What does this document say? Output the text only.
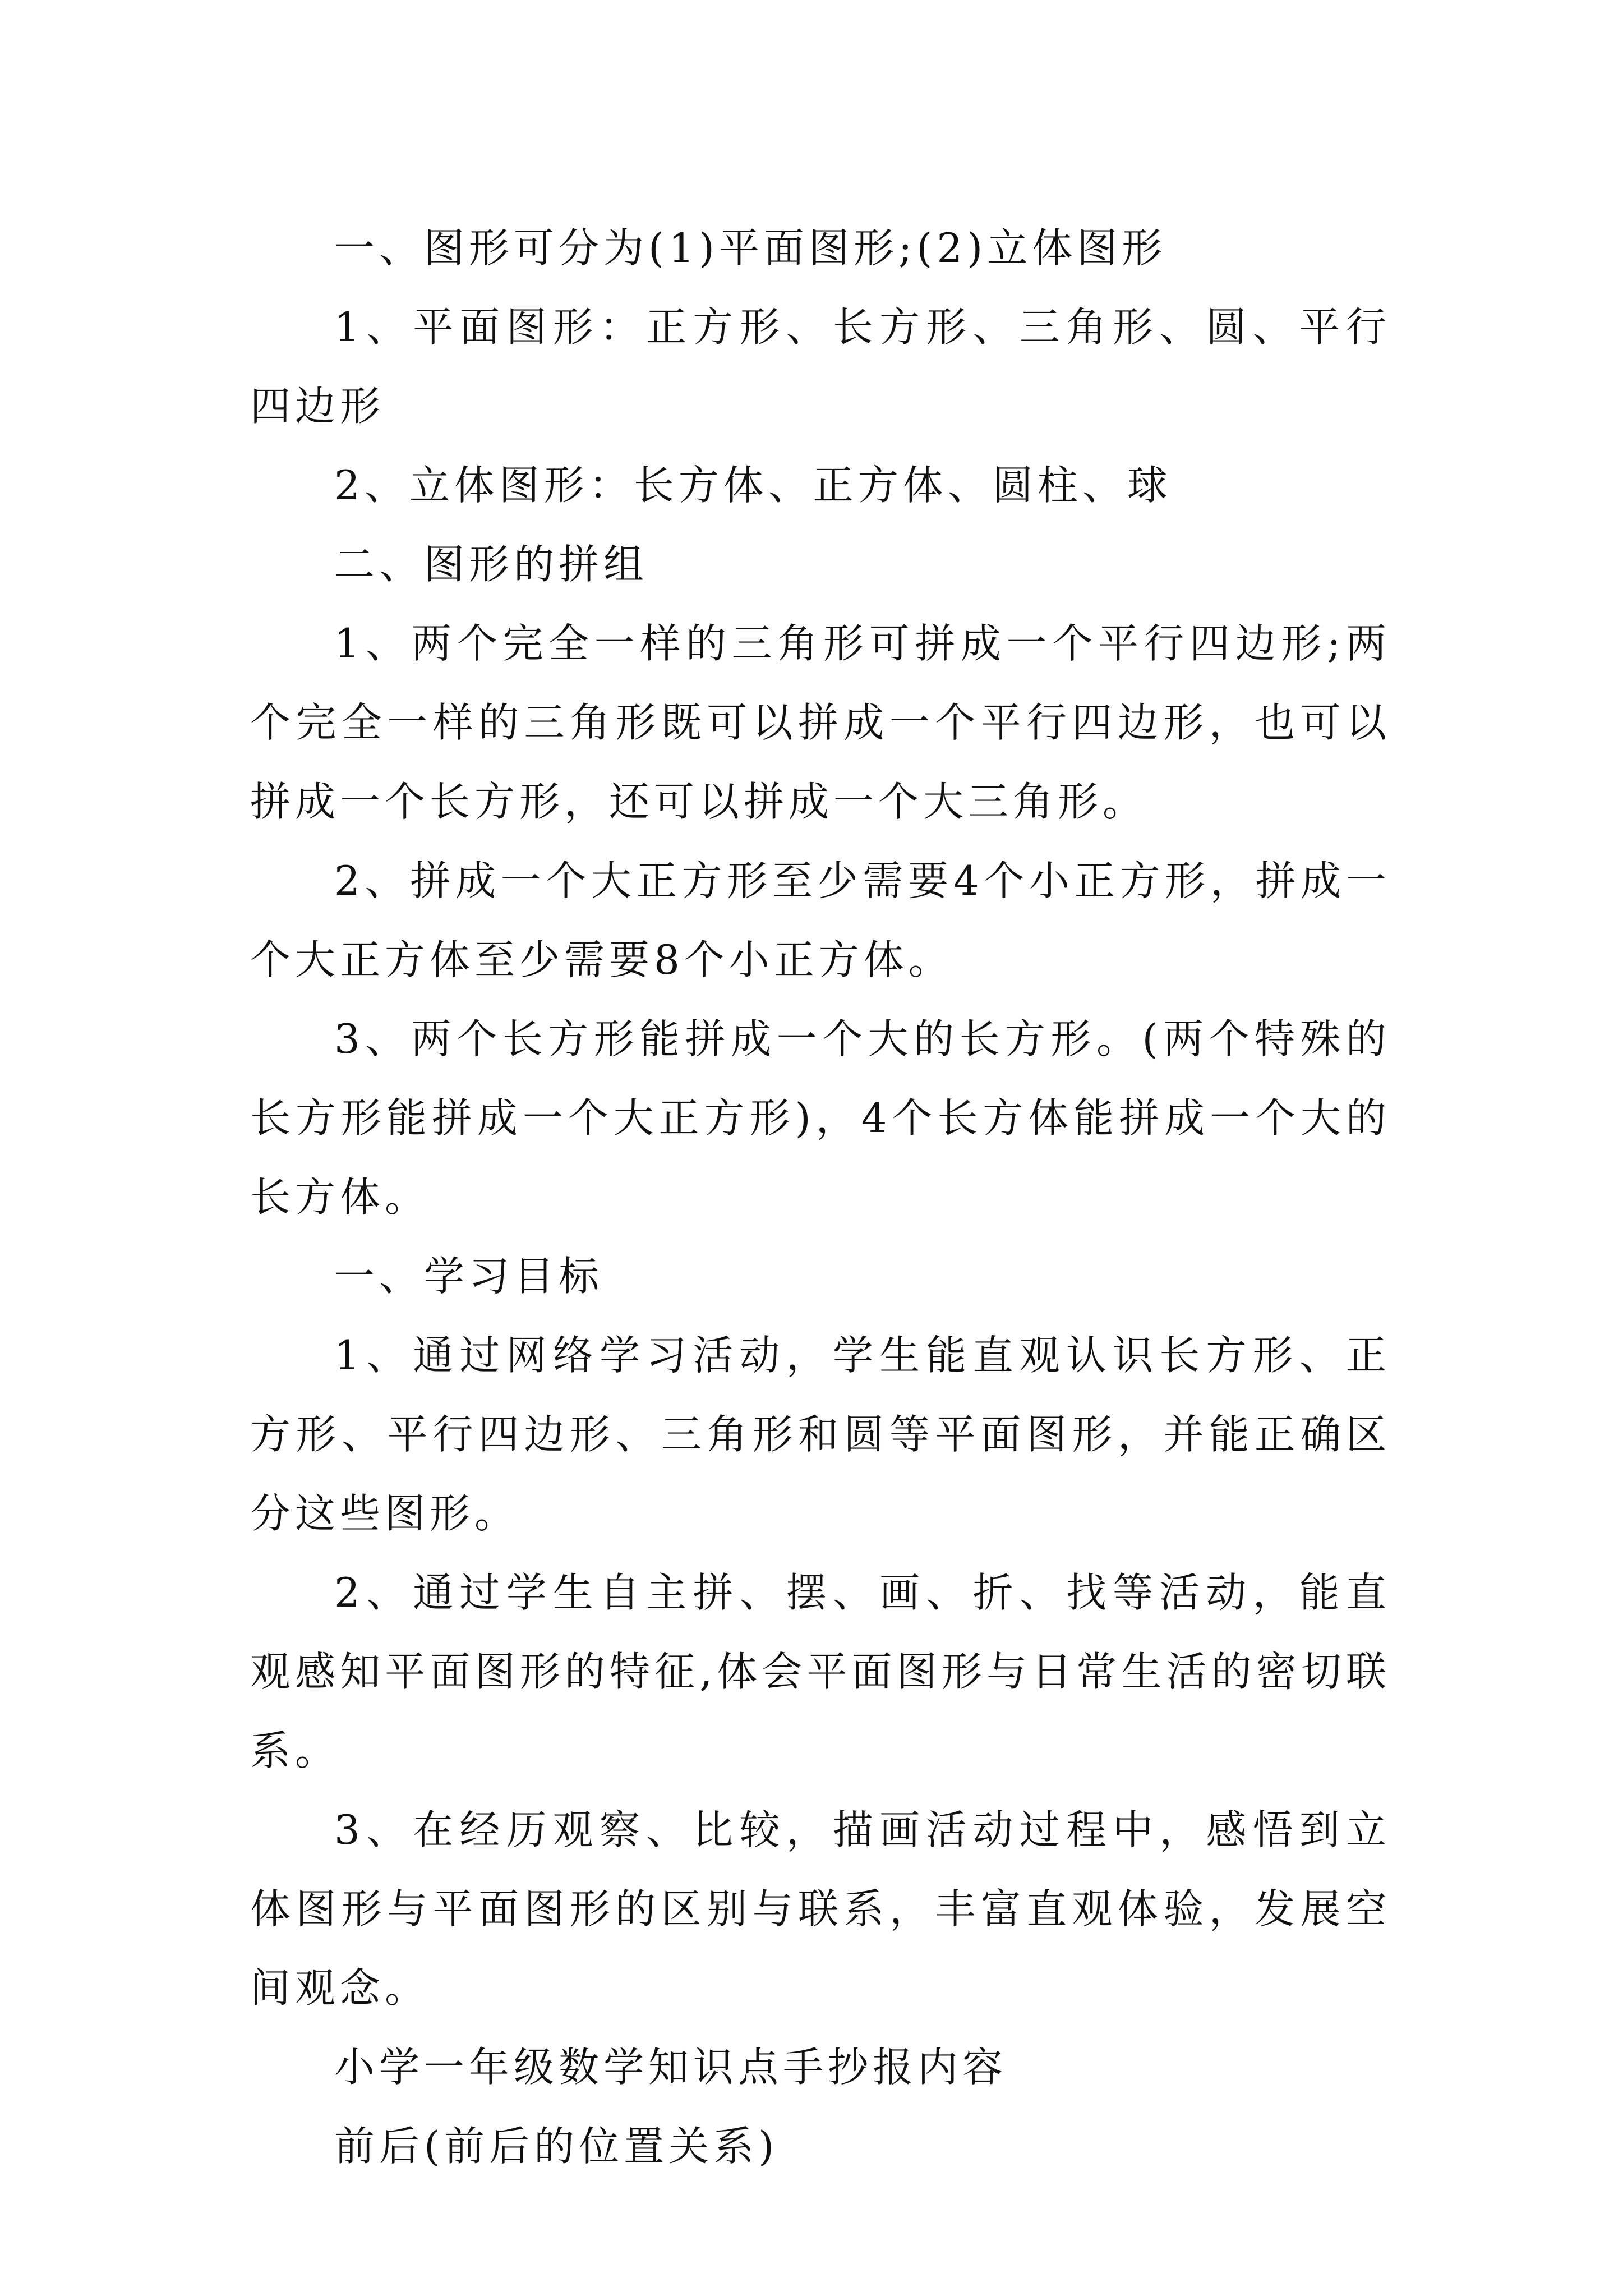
一、图形可分为(1)平面图形;(2)立体图形

1、平面图形：正方形、长方形、三角形、圆、平行四边形

2、立体图形：长方体、正方体、圆柱、球

二、图形的拼组

1、两个完全一样的三角形可拼成一个平行四边形;两个完全一样的三角形既可以拼成一个平行四边形，也可以拼成一个长方形，还可以拼成一个大三角形。

2、拼成一个大正方形至少需要4个小正方形，拼成一个大正方体至少需要8个小正方体。

3、两个长方形能拼成一个大的长方形。(两个特殊的长方形能拼成一个大正方形)，4个长方体能拼成一个大的长方体。

一、学习目标

1、通过网络学习活动，学生能直观认识长方形、正方形、平行四边形、三角形和圆等平面图形，并能正确区分这些图形。

2、通过学生自主拼、摆、画、折、找等活动，能直观感知平面图形的特征,体会平面图形与日常生活的密切联系。

3、在经历观察、比较，描画活动过程中，感悟到立体图形与平面图形的区别与联系，丰富直观体验，发展空间观念。

小学一年级数学知识点手抄报内容

前后(前后的位置关系)
